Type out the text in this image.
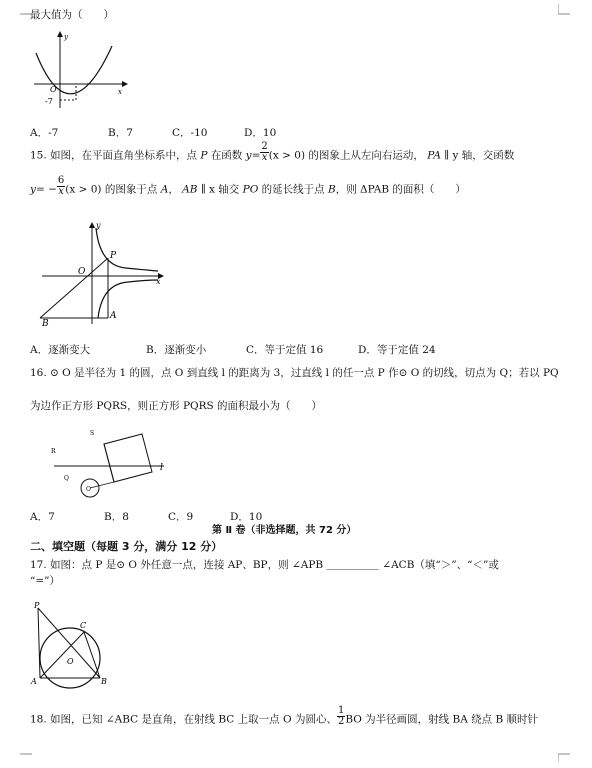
最大值为（　　）
y
x
O
-7
A．-7	B．7	C．-10	D．10
15. 如图，在平面直角坐标系中，点 P 在函数 $y= \frac{2}{x} (x > 0)$ 的图象上从左向右运动， PA ∥ y 轴，交函数
$y= - \frac{6}{x} (x > 0)$ 的图象于点 A， AB ∥ x 轴交 PO 的延长线于点 B，则 ΔPAB 的面积（　　）
y
x
O
P
B
A
A．逐渐变大	B．逐渐变小	C．等于定值 16	D．等于定值 24
16. ⊙ O 是半径为 1 的圆，点 O 到直线 l 的距离为 3，过直线 l 的任一点 P 作⊙ O 的切线，切点为 Q；若以 PQ
为边作正方形 PQRS，则正方形 PQRS 的面积最小为（　　）
S
R
l
Q
O
A．7	B．8	C．9	D．10
第 Ⅱ 卷（非选择题，共 72 分）
二、填空题（每题 3 分，满分 12 分）
17. 如图：点 P 是⊙ O 外任意一点，连接 AP、BP，则 ∠APB ＿＿＿＿＿ ∠ACB（填“＞”、“＜”或
“=”）
P
C
O
A	B
18. 如图，已知 ∠ABC 是直角，在射线 BC 上取一点 O 为圆心、 $\frac{1}{2}$ BO 为半径画圆，射线 BA 绕点 B 顺时针
